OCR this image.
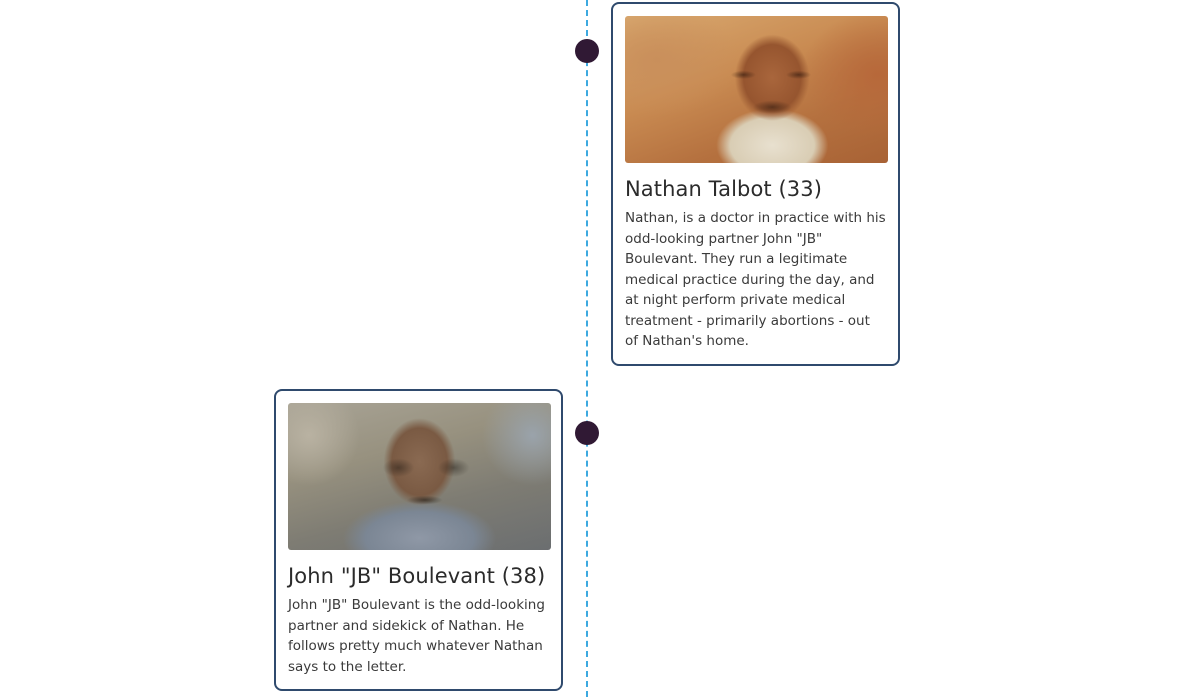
Nathan Talbot (33)

Nathan, is a doctor in practice with his odd-looking partner John "JB" Boulevant. They run a legitimate medical practice during the day, and at night perform private medical treatment - primarily abortions - out of Nathan's home.

John "JB" Boulevant (38)

John "JB" Boulevant is the odd-looking partner and sidekick of Nathan. He follows pretty much whatever Nathan says to the letter.
